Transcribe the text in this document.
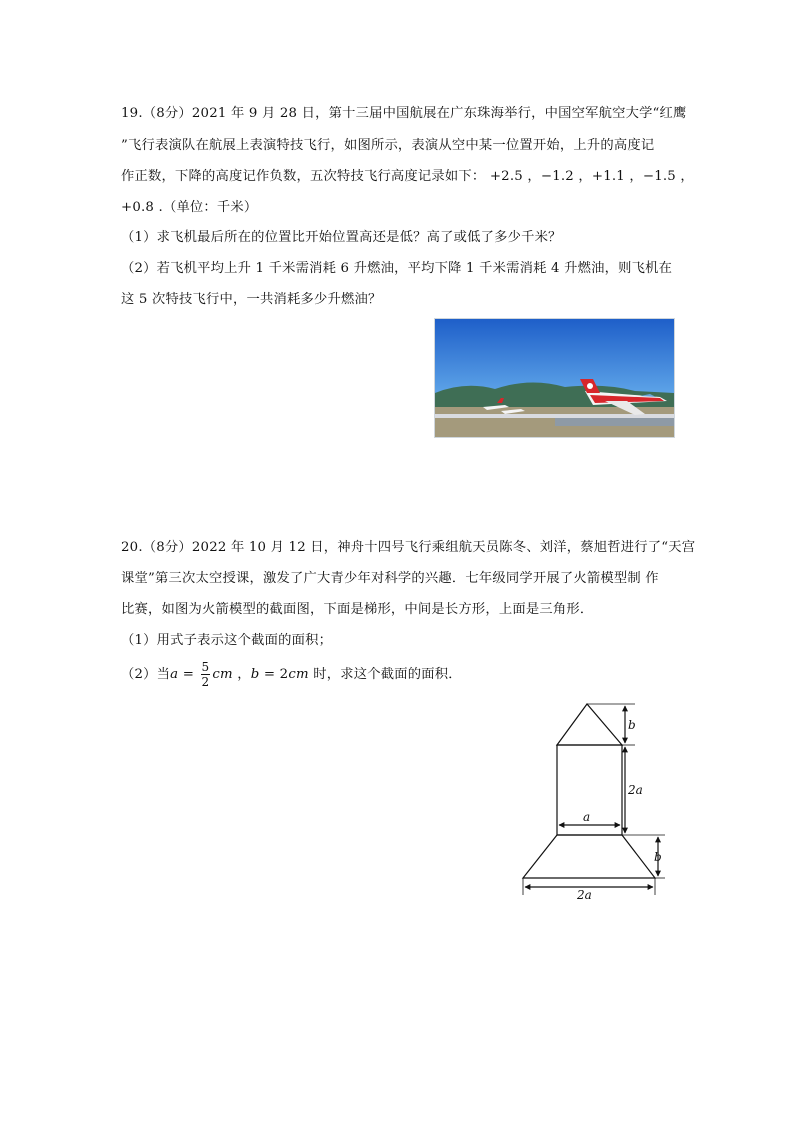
19.（8分）2021 年 9 月 28 日，第十三届中国航展在广东珠海举行，中国空军航空大学“红鹰
”飞行表演队在航展上表演特技飞行，如图所示，表演从空中某一位置开始，上升的高度记
作正数，下降的高度记作负数，五次特技飞行高度记录如下： +2.5 ，−1.2 ，+1.1 ，−1.5 ，
+0.8 .（单位：千米）
（1）求飞机最后所在的位置比开始位置高还是低？高了或低了多少千米？
（2）若飞机平均上升 1 千米需消耗 6 升燃油，平均下降 1 千米需消耗 4 升燃油，则飞机在
这 5 次特技飞行中，一共消耗多少升燃油？
20.（8分）2022 年 10 月 12 日，神舟十四号飞行乘组航天员陈冬、刘洋，蔡旭哲进行了“天宫
课堂”第三次太空授课，激发了广大青少年对科学的兴趣．七年级同学开展了火箭模型制 作
比赛，如图为火箭模型的截面图，下面是梯形，中间是长方形，上面是三角形．
（1）用式子表示这个截面的面积；
（2）当$a = \frac{5}{2}$ cm ，b = 2cm 时，求这个截面的面积．
b
2a
a
b
2a
